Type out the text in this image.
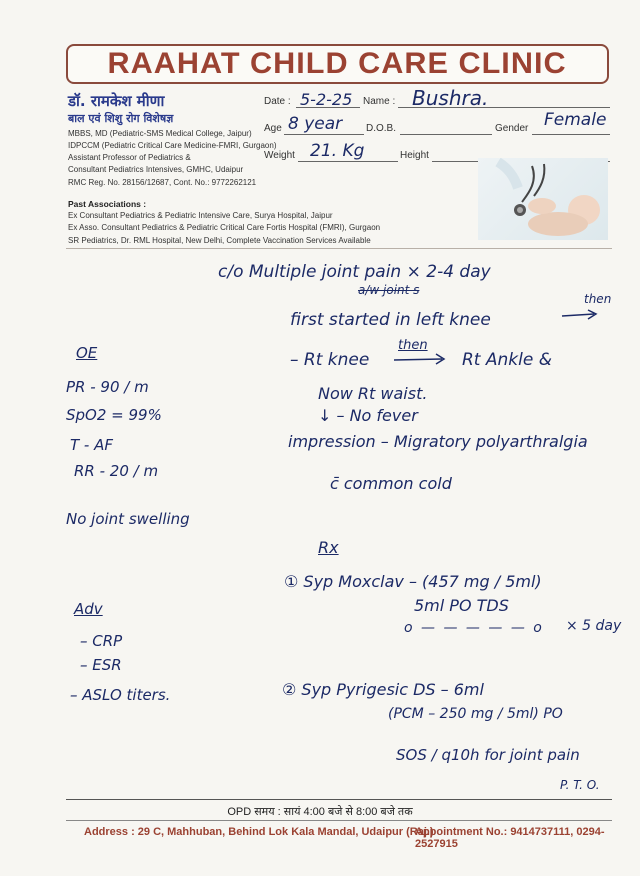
RAAHAT CHILD CARE CLINIC
डॉ. रामकेश मीणा
बाल एवं शिशु रोग विशेषज्ञ
MBBS, MD (Pediatric-SMS Medical College, Jaipur)
IDPCCM (Pediatric Critical Care Medicine-FMRI, Gurgaon)
Assistant Professor of Pediatrics &
Consultant Pediatrics Intensives, GMHC, Udaipur
RMC Reg. No. 28156/12687, Cont. No.: 9772262121
Past Associations :
Ex Consultant Pediatrics & Pediatric Intensive Care, Surya Hospital, Jaipur
Ex Asso. Consultant Pediatrics & Pediatric Critical Care Fortis Hospital (FMRI), Gurgaon
SR Pediatrics, Dr. RML Hospital, New Delhi, Complete Vaccination Services Available
Date : 5-2-25 Name : Bushra.
Age 8 year D.O.B.	Gender Female
Weight 21. Kg	Height
c/o Multiple joint pain × 2-4 day
a/w joint s
first started in left knee
then
– Rt knee
then
Rt Ankle &
Now Rt waist.
↓ – No fever
impression – Migratory polyarthralgia
c̄ common cold
OE
PR - 90 / m
SpO2 = 99%
T - AF
RR - 20 / m
No joint swelling
Adv
– CRP
– ESR
– ASLO titers.
Rx
① Syp Moxclav – (457 mg / 5ml)
5ml PO TDS
o — — — — — o × 5 day
② Syp Pyrigesic DS – 6ml
(PCM – 250 mg / 5ml) PO
SOS / q10h for joint pain
P. T. O.
OPD समय : सायं 4:00 बजे से 8:00 बजे तक
Address : 29 C, Mahhuban, Behind Lok Kala Mandal, Udaipur (Raj.)
Appointment No.: 9414737111, 0294-2527915
